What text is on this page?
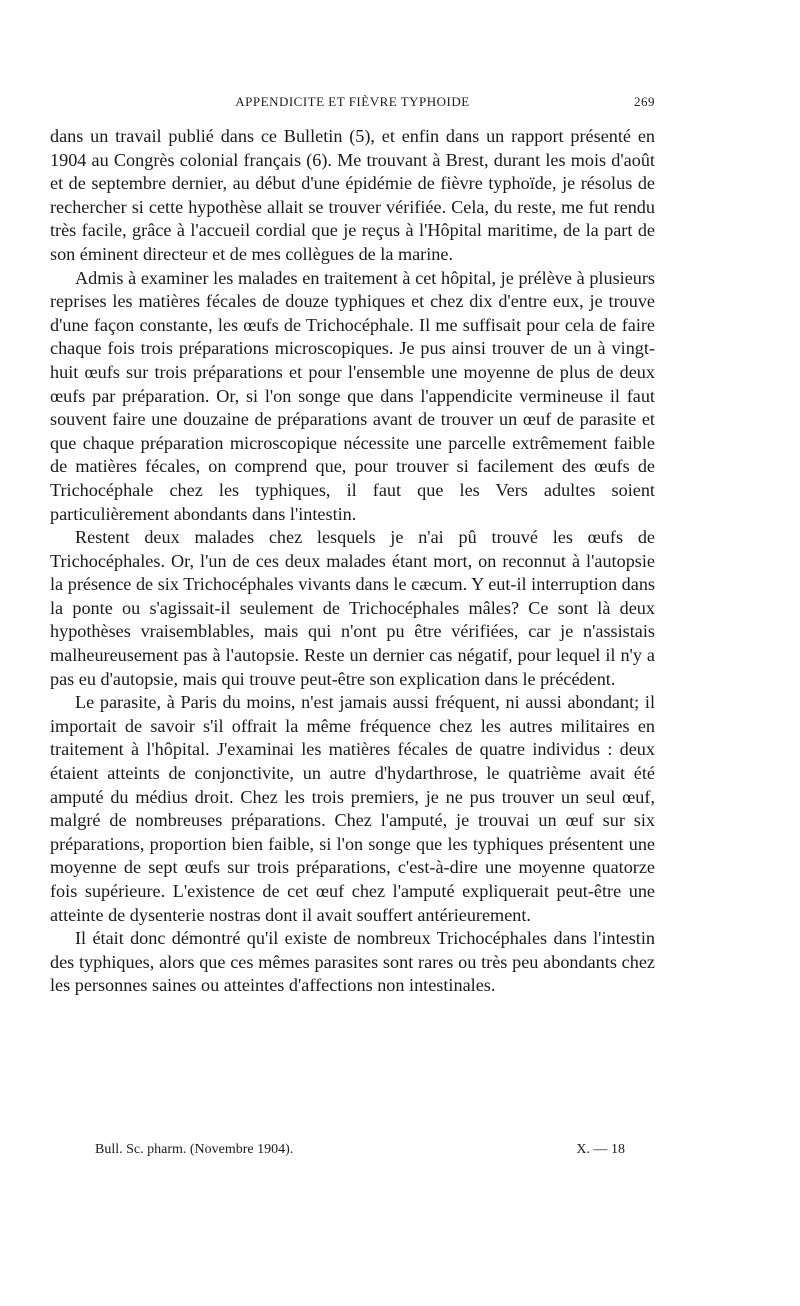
APPENDICITE ET FIÈVRE TYPHOIDE	269

dans un travail publié dans ce Bulletin (5), et enfin dans un rapport présenté en 1904 au Congrès colonial français (6). Me trouvant à Brest, durant les mois d'août et de septembre dernier, au début d'une épidémie de fièvre typhoïde, je résolus de rechercher si cette hypothèse allait se trouver vérifiée. Cela, du reste, me fut rendu très facile, grâce à l'accueil cordial que je reçus à l'Hôpital maritime, de la part de son éminent directeur et de mes collègues de la marine.

Admis à examiner les malades en traitement à cet hôpital, je prélève à plusieurs reprises les matières fécales de douze typhiques et chez dix d'entre eux, je trouve d'une façon constante, les œufs de Trichocéphale. Il me suffisait pour cela de faire chaque fois trois préparations microscopiques. Je pus ainsi trouver de un à vingt-huit œufs sur trois préparations et pour l'ensemble une moyenne de plus de deux œufs par préparation. Or, si l'on songe que dans l'appendicite vermineuse il faut souvent faire une douzaine de préparations avant de trouver un œuf de parasite et que chaque préparation microscopique nécessite une parcelle extrêmement faible de matières fécales, on comprend que, pour trouver si facilement des œufs de Trichocéphale chez les typhiques, il faut que les Vers adultes soient particulièrement abondants dans l'intestin.

Restent deux malades chez lesquels je n'ai pû trouvé les œufs de Trichocéphales. Or, l'un de ces deux malades étant mort, on reconnut à l'autopsie la présence de six Trichocéphales vivants dans le cæcum. Y eut-il interruption dans la ponte ou s'agissait-il seulement de Trichocéphales mâles? Ce sont là deux hypothèses vraisemblables, mais qui n'ont pu être vérifiées, car je n'assistais malheureusement pas à l'autopsie. Reste un dernier cas négatif, pour lequel il n'y a pas eu d'autopsie, mais qui trouve peut-être son explication dans le précédent.

Le parasite, à Paris du moins, n'est jamais aussi fréquent, ni aussi abondant; il importait de savoir s'il offrait la même fréquence chez les autres militaires en traitement à l'hôpital. J'examinai les matières fécales de quatre individus : deux étaient atteints de conjonctivite, un autre d'hydarthrose, le quatrième avait été amputé du médius droit. Chez les trois premiers, je ne pus trouver un seul œuf, malgré de nombreuses préparations. Chez l'amputé, je trouvai un œuf sur six préparations, proportion bien faible, si l'on songe que les typhiques présentent une moyenne de sept œufs sur trois préparations, c'est-à-dire une moyenne quatorze fois supérieure. L'existence de cet œuf chez l'amputé expliquerait peut-être une atteinte de dysenterie nostras dont il avait souffert antérieurement.

Il était donc démontré qu'il existe de nombreux Trichocéphales dans l'intestin des typhiques, alors que ces mêmes parasites sont rares ou très peu abondants chez les personnes saines ou atteintes d'affections non intestinales.

Bull. Sc. pharm. (Novembre 1904).	X. — 18
